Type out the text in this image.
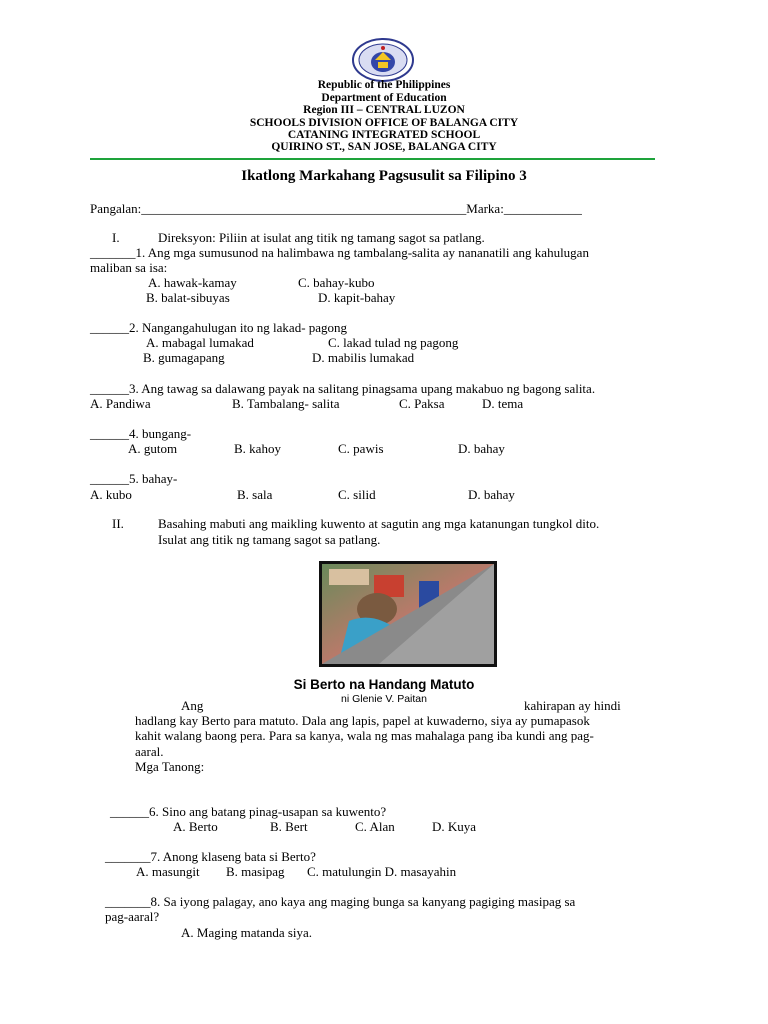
Republic of the Philippines
Department of Education
Region III – CENTRAL LUZON
SCHOOLS DIVISION OFFICE OF BALANGA CITY
CATANING INTEGRATED SCHOOL
QUIRINO ST., SAN JOSE, BALANGA CITY
Ikatlong Markahang Pagsusulit sa Filipino 3
Pangalan:__________________________________________________Marka:____________
I.	Direksyon: Piliin at isulat ang titik ng tamang sagot sa patlang.
_______1. Ang mga sumusunod na halimbawa ng tambalang-salita ay nananatili ang kahulugan
maliban sa isa:
A. hawak-kamay	C. bahay-kubo
B. balat-sibuyas	D. kapit-bahay
______2. Nangangahulugan ito ng lakad- pagong
A. mabagal lumakad	C. lakad tulad ng pagong
B. gumagapang	D. mabilis lumakad
______3. Ang tawag sa dalawang payak na salitang pinagsama upang makabuo ng bagong salita.
A. Pandiwa	B. Tambalang- salita	C. Paksa	D. tema
______4. bungang-
A. gutom	B. kahoy	C. pawis	D. bahay
______5. bahay-
A. kubo	B. sala	C. silid	D. bahay
II.	Basahing mabuti ang maikling kuwento at sagutin ang mga katanungan tungkol dito.
Isulat ang titik ng tamang sagot sa patlang.
Si Berto na Handang Matuto
ni Glenie V. Paitan
Ang	kahirapan ay hindi
hadlang kay Berto para matuto. Dala ang lapis, papel at kuwaderno, siya ay pumapasok
kahit walang baong pera. Para sa kanya, wala ng mas mahalaga pang iba kundi ang pag-
aaral.
Mga Tanong:
______6. Sino ang batang pinag-usapan sa kuwento?
A. Berto	B. Bert	C. Alan	D. Kuya
_______7. Anong klaseng bata si Berto?
A. masungit B. masipag C. matulungin D. masayahin
_______8. Sa iyong palagay, ano kaya ang maging bunga sa kanyang pagiging masipag sa
pag-aaral?
A. Maging matanda siya.
